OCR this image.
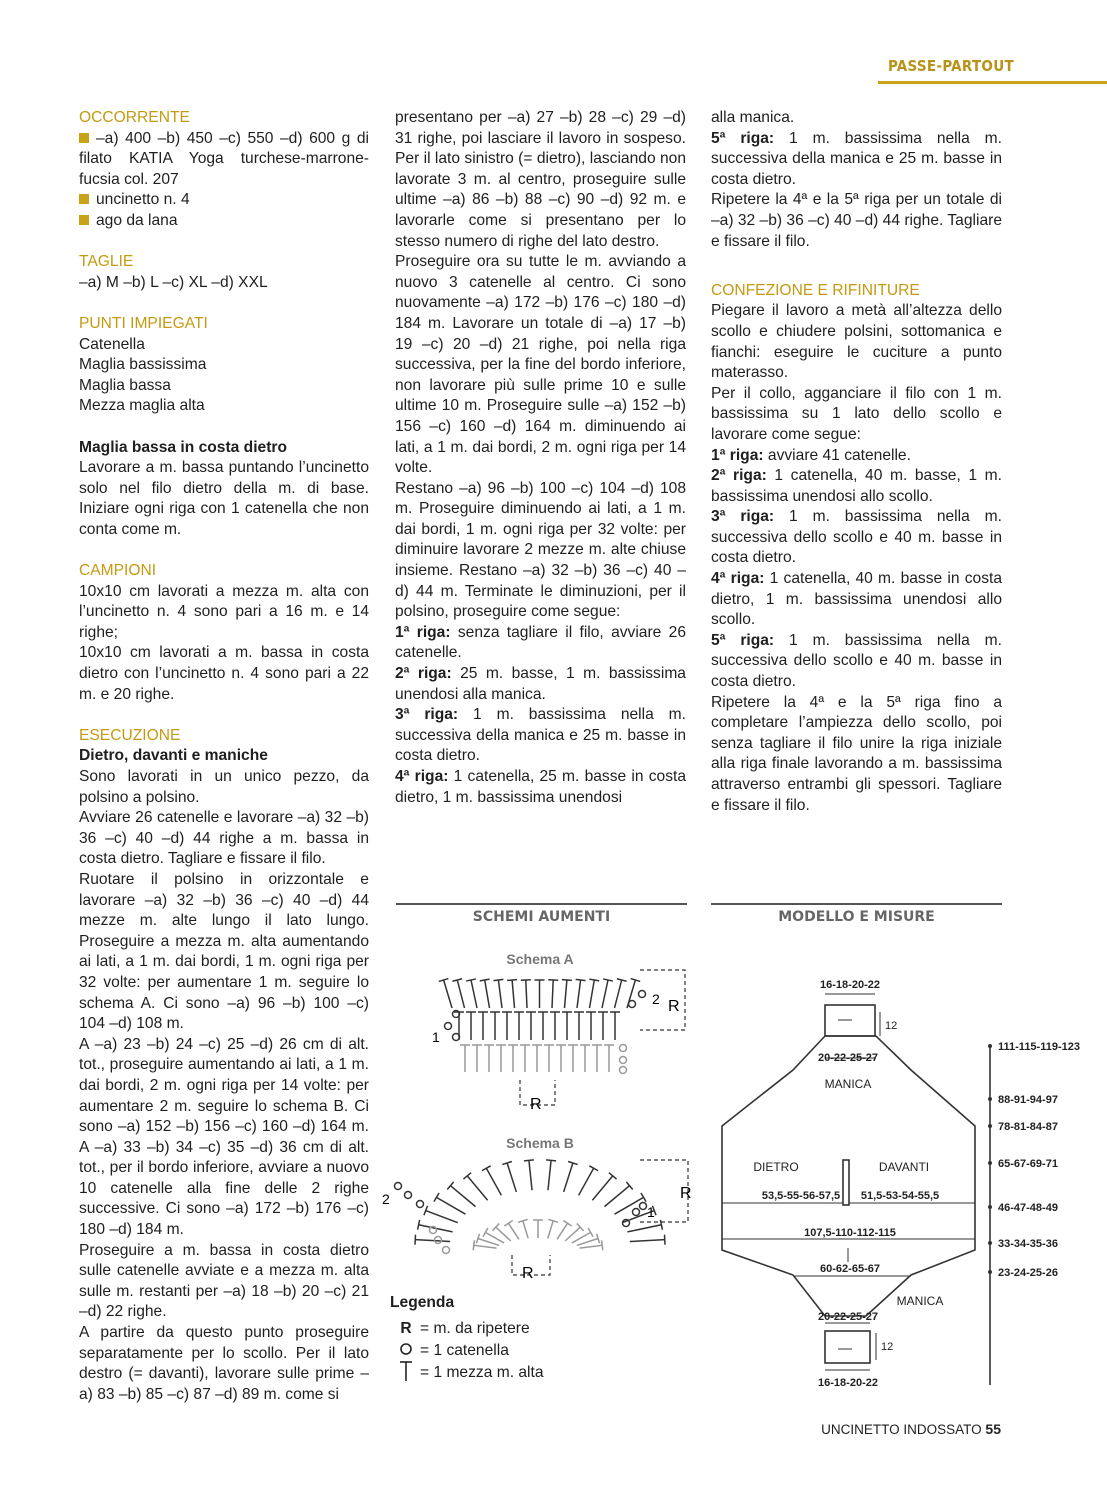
PASSE-PARTOUT

OCCORRENTE

–a) 400 –b) 450 –c) 550 –d) 600 g di filato KATIA Yoga turchese-marrone-fucsia col. 207

uncinetto n. 4

ago da lana

TAGLIE

–a) M –b) L –c) XL –d) XXL

PUNTI IMPIEGATI

Catenella

Maglia bassissima

Maglia bassa

Mezza maglia alta

Maglia bassa in costa dietro

Lavorare a m. bassa puntando l’uncinetto solo nel filo dietro della m. di base. Iniziare ogni riga con 1 catenella che non conta come m.

CAMPIONI

10x10 cm lavorati a mezza m. alta con l’uncinetto n. 4 sono pari a 16 m. e 14 righe;

10x10 cm lavorati a m. bassa in costa dietro con l’uncinetto n. 4 sono pari a 22 m. e 20 righe.

ESECUZIONE

Dietro, davanti e maniche

Sono lavorati in un unico pezzo, da polsino a polsino.

Avviare 26 catenelle e lavorare –a) 32 –b) 36 –c) 40 –d) 44 righe a m. bassa in costa dietro. Tagliare e fissare il filo.

Ruotare il polsino in orizzontale e lavorare –a) 32 –b) 36 –c) 40 –d) 44 mezze m. alte lungo il lato lungo. Proseguire a mezza m. alta aumentando ai lati, a 1 m. dai bordi, 1 m. ogni riga per 32 volte: per aumentare 1 m. seguire lo schema A. Ci sono –a) 96 –b) 100 –c) 104 –d) 108 m.

A –a) 23 –b) 24 –c) 25 –d) 26 cm di alt. tot., proseguire aumentando ai lati, a 1 m. dai bordi, 2 m. ogni riga per 14 volte: per aumentare 2 m. seguire lo schema B. Ci sono –a) 152 –b) 156 –c) 160 –d) 164 m. A –a) 33 –b) 34 –c) 35 –d) 36 cm di alt. tot., per il bordo inferiore, avviare a nuovo 10 catenelle alla fine delle 2 righe successive. Ci sono –a) 172 –b) 176 –c) 180 –d) 184 m.

Proseguire a m. bassa in costa dietro sulle catenelle avviate e a mezza m. alta sulle m. restanti per –a) 18 –b) 20 –c) 21 –d) 22 righe.

A partire da questo punto proseguire separatamente per lo scollo. Per il lato destro (= davanti), lavorare sulle prime –a) 83 –b) 85 –c) 87 –d) 89 m. come si

presentano per –a) 27 –b) 28 –c) 29 –d) 31 righe, poi lasciare il lavoro in sospeso. Per il lato sinistro (= dietro), lasciando non lavorate 3 m. al centro, proseguire sulle ultime –a) 86 –b) 88 –c) 90 –d) 92 m. e lavorarle come si presentano per lo stesso numero di righe del lato destro.

Proseguire ora su tutte le m. avviando a nuovo 3 catenelle al centro. Ci sono nuovamente –a) 172 –b) 176 –c) 180 –d) 184 m. Lavorare un totale di –a) 17 –b) 19 –c) 20 –d) 21 righe, poi nella riga successiva, per la fine del bordo inferiore, non lavorare più sulle prime 10 e sulle ultime 10 m. Proseguire sulle –a) 152 –b) 156 –c) 160 –d) 164 m. diminuendo ai lati, a 1 m. dai bordi, 2 m. ogni riga per 14 volte.

Restano –a) 96 –b) 100 –c) 104 –d) 108 m. Proseguire diminuendo ai lati, a 1 m. dai bordi, 1 m. ogni riga per 32 volte: per diminuire lavorare 2 mezze m. alte chiuse insieme. Restano –a) 32 –b) 36 –c) 40 –d) 44 m. Terminate le diminuzioni, per il polsino, proseguire come segue:

1ª riga: senza tagliare il filo, avviare 26 catenelle.

2ª riga: 25 m. basse, 1 m. bassissima unendosi alla manica.

3ª riga: 1 m. bassissima nella m. successiva della manica e 25 m. basse in costa dietro.

4ª riga: 1 catenella, 25 m. basse in costa dietro, 1 m. bassissima unendosi

alla manica.

5ª riga: 1 m. bassissima nella m. successiva della manica e 25 m. basse in costa dietro.

Ripetere la 4ª e la 5ª riga per un totale di –a) 32 –b) 36 –c) 40 –d) 44 righe. Tagliare e fissare il filo.

CONFEZIONE E RIFINITURE

Piegare il lavoro a metà all’altezza dello scollo e chiudere polsini, sottomanica e fianchi: eseguire le cuciture a punto materasso.

Per il collo, agganciare il filo con 1 m. bassissima su 1 lato dello scollo e lavorare come segue:

1ª riga: avviare 41 catenelle.

2ª riga: 1 catenella, 40 m. basse, 1 m. bassissima unendosi allo scollo.

3ª riga: 1 m. bassissima nella m. successiva dello scollo e 40 m. basse in costa dietro.

4ª riga: 1 catenella, 40 m. basse in costa dietro, 1 m. bassissima unendosi allo scollo.

5ª riga: 1 m. bassissima nella m. successiva dello scollo e 40 m. basse in costa dietro.

Ripetere la 4ª e la 5ª riga fino a completare l’ampiezza dello scollo, poi senza tagliare il filo unire la riga iniziale alla riga finale lavorando a m. bassissima attraverso entrambi gli spessori. Tagliare e fissare il filo.

SCHEMI AUMENTI	MODELLO E MISURE
Schema A
Schema B
R
R
R
R
1
2
2
1
Legenda
R = m. da ripetere
= 1 catenella
= 1 mezza m. alta
16-18-20-22
12
20-22-25-27
MANICA
DIETRO	DAVANTI
53,5-55-56-57,5 51,5-53-54-55,5
107,5-110-112-115
60-62-65-67
MANICA
20-22-25-27
12
16-18-20-22
111-115-119-123
88-91-94-97
78-81-84-87
65-67-69-71
46-47-48-49
33-34-35-36
23-24-25-26
UNCINETTO INDOSSATO 55
